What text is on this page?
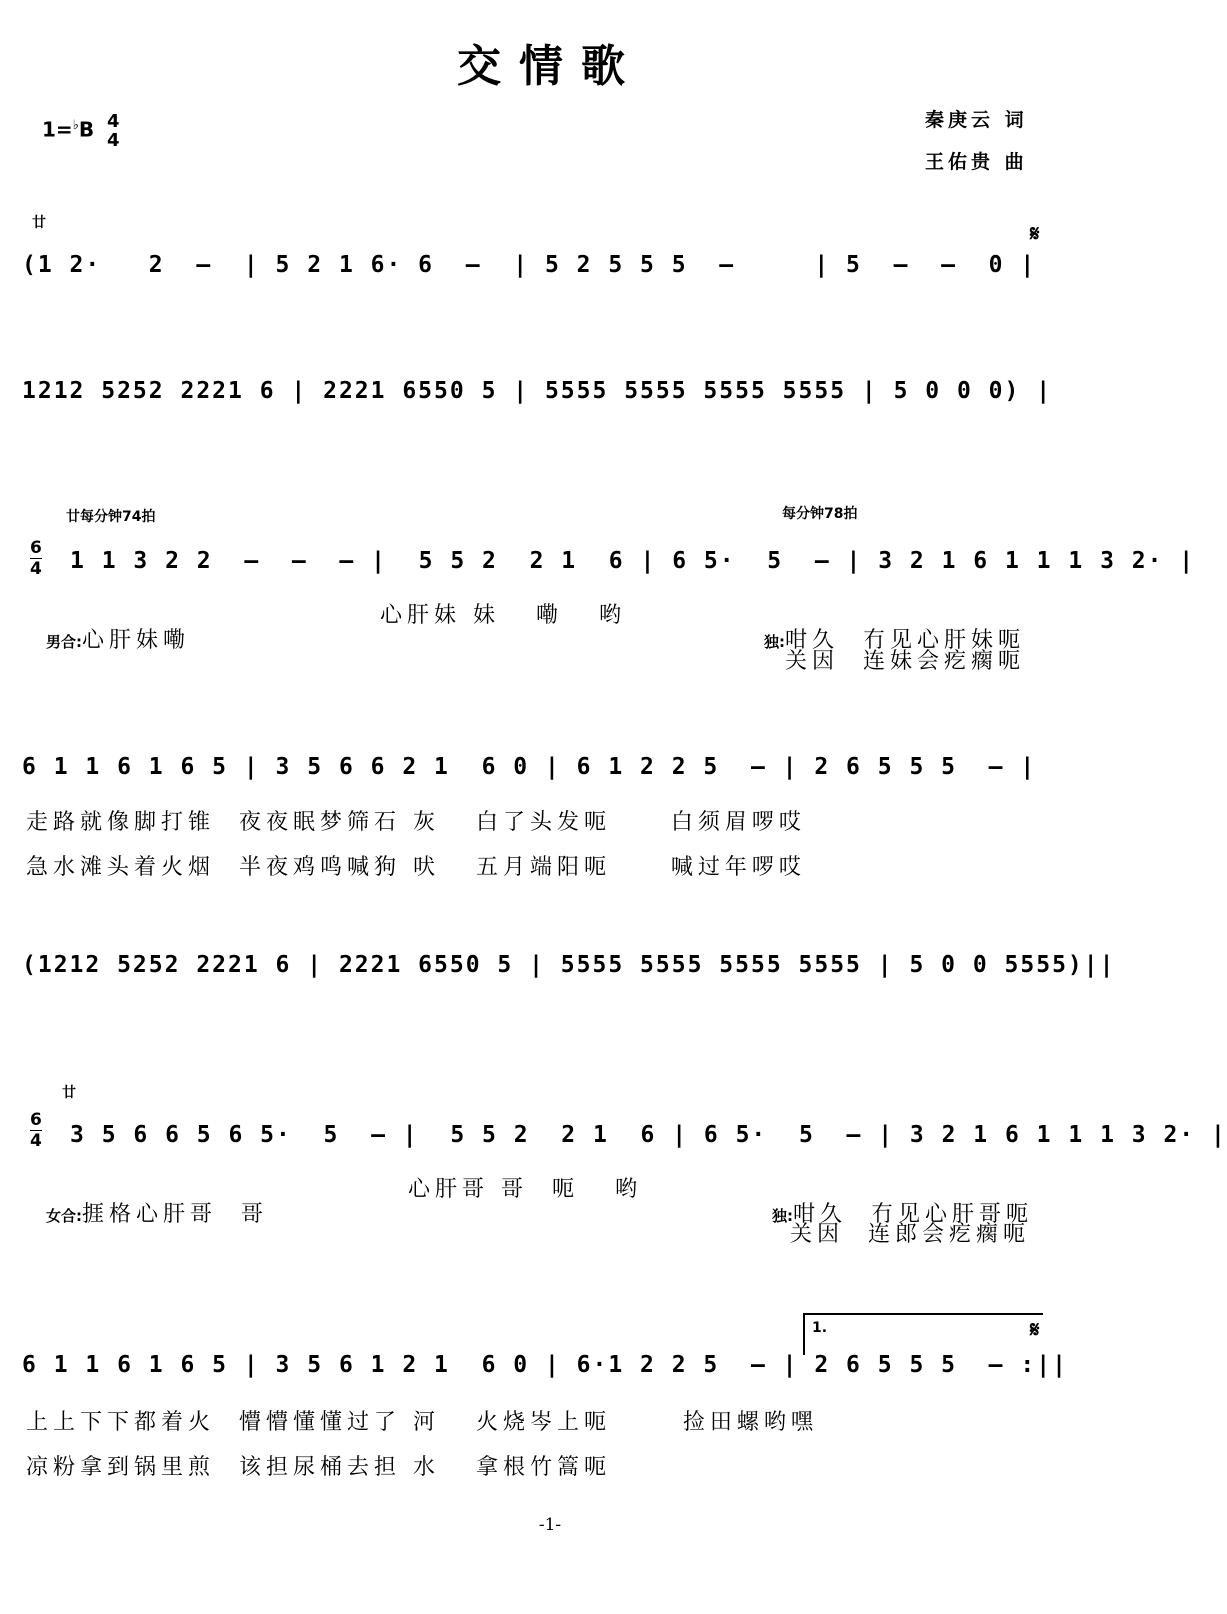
交情歌
1=♭B 4
4
秦庚云 词
王佑贵 曲
廿	𝄋
(1 2·   2  –  | 5 2 1 6· 6  –  | 5 2 5 5 5  –     | 5  –  –  0 |
1212 5252 2221 6 | 2221 6550 5 | 5555 5555 5555 5555 | 5 0 0 0) |
廿每分钟74拍	每分钟78拍
$\frac{6}{4} 1$ 1 3 2 2  –  –  – |  5 5 2  2 1  6 | 6 5·  5  – | 3 2 1 6 1 1 1 3 2· |

男合:心肝妹嘞

心肝妹 妹   嘞   哟

独:咁久  冇见心肝妹呃

关因  连妹会疙瘸呃
6 1 1 6 1 6 5 | 3 5 6 6 2 1  6 0 | 6 1 2 2 5  – | 2 6 5 5 5  – |
走路就像脚打锥  夜夜眠梦筛石 灰   白了头发呃     白须眉啰哎
急水滩头着火烟  半夜鸡鸣喊狗 吠   五月端阳呃     喊过年啰哎
(1212 5252 2221 6 | 2221 6550 5 | 5555 5555 5555 5555 | 5 0 0 5555)||
廿
$\frac{6}{4} 3$ 5 6 6 5 6 5·  5  – |  5 5 2  2 1  6 | 6 5·  5  – | 3 2 1 6 1 1 1 3 2· |

女合:捱格心肝哥  哥

心肝哥 哥  呃   哟

独:咁久  冇见心肝哥呃

关因  连郎会疙瘸呃
1.	𝄋
6 1 1 6 1 6 5 | 3 5 6 1 2 1  6 0 | 6·1 2 2 5  – | 2 6 5 5 5  – :||
上上下下都着火  懵懵懂懂过了 河   火烧岑上呃      捡田螺哟嘿
凉粉拿到锅里煎  该担尿桶去担 水   拿根竹篙呃
-1-
